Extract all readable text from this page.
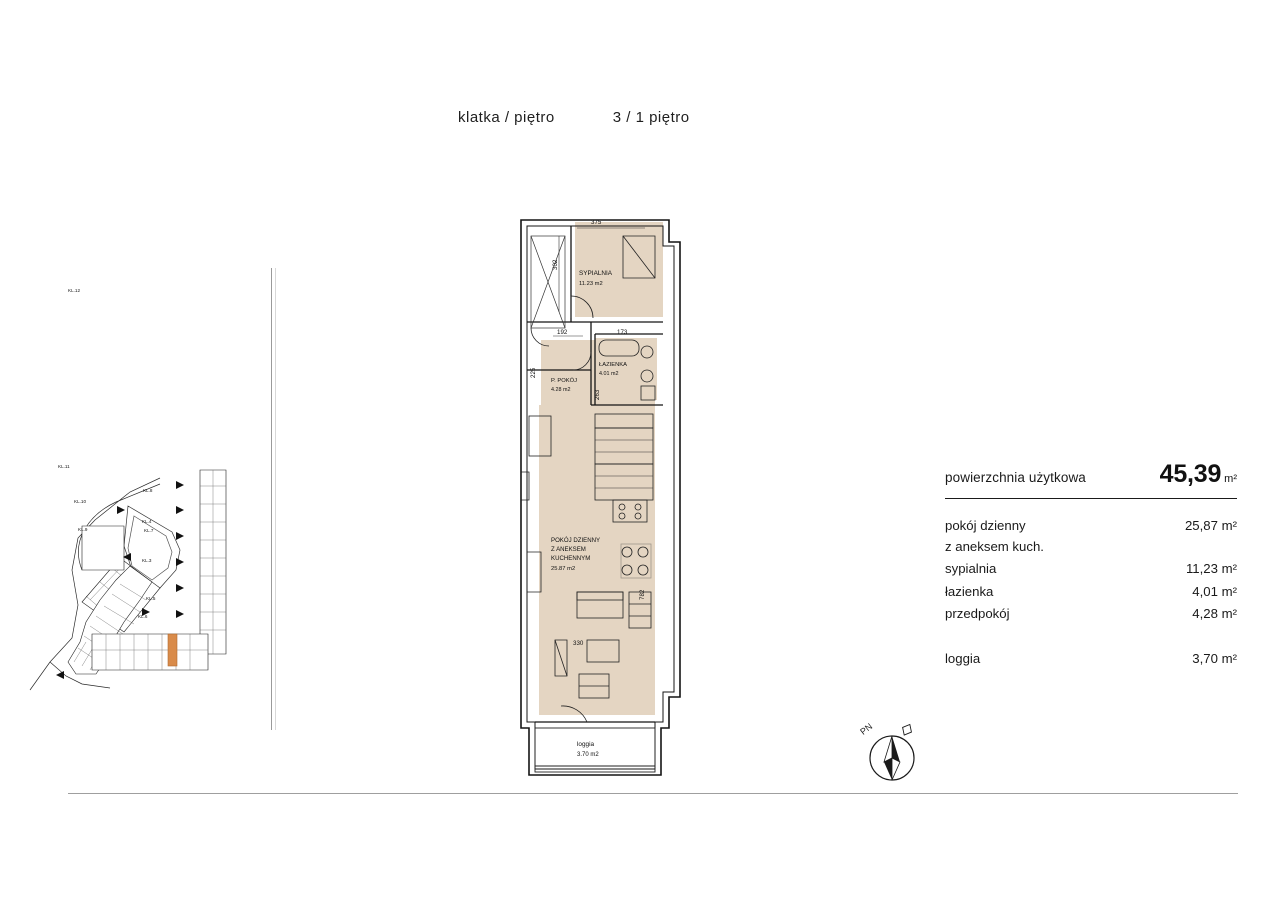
klatka / piętro	3 / 1 piętro
KL.12
KL.11
KL.10
KL.9
KL.4
KL.7
KL.3
KL.8
KL.5
KL.6
375
302
192	173
225
263
782
330
SYPIALNIA
11.23 m2
ŁAZIENKA
4.01 m2
P. POKÓJ
4.28 m2
POKÓJ DZIENNY
Z ANEKSEM
KUCHENNYM
25.87 m2
loggia
3.70 m2
powierzchnia użytkowa	45,39 m²
pokój dzienny
z aneksem kuch.
25,87 m²
sypialnia	11,23 m²
łazienka	4,01 m²
przedpokój	4,28 m²
loggia	3,70 m²
PN
